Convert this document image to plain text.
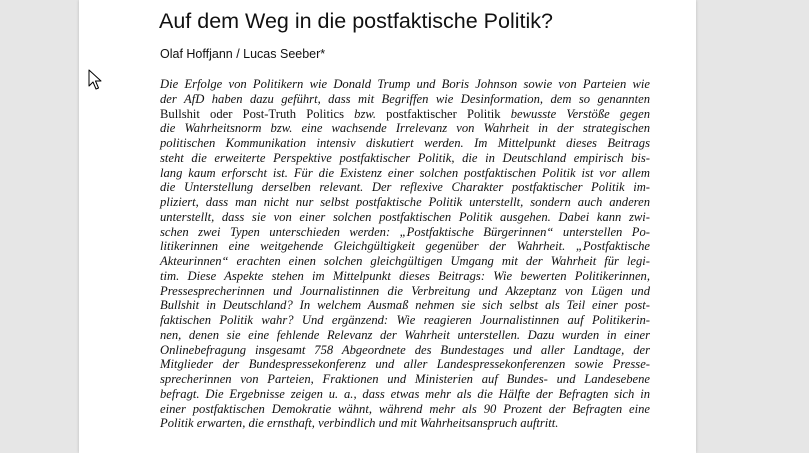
Auf dem Weg in die postfaktische Politik?

Olaf Hoffjann / Lucas Seeber*

Die Erfolge von Politikern wie Donald Trump und Boris Johnson sowie von Parteien wie
der AfD haben dazu geführt, dass mit Begriffen wie Desinformation, dem so genannten
Bullshit oder Post-Truth Politics bzw. postfaktischer Politik bewusste Verstöße gegen
die Wahrheitsnorm bzw. eine wachsende Irrelevanz von Wahrheit in der strategischen
politischen Kommunikation intensiv diskutiert werden. Im Mittelpunkt dieses Beitrags
steht die erweiterte Perspektive postfaktischer Politik, die in Deutschland empirisch bis-
lang kaum erforscht ist. Für die Existenz einer solchen postfaktischen Politik ist vor allem
die Unterstellung derselben relevant. Der reflexive Charakter postfaktischer Politik im-
pliziert, dass man nicht nur selbst postfaktische Politik unterstellt, sondern auch anderen
unterstellt, dass sie von einer solchen postfaktischen Politik ausgehen. Dabei kann zwi-
schen zwei Typen unterschieden werden: „Postfaktische Bürgerinnen“ unterstellen Po-
litikerinnen eine weitgehende Gleichgültigkeit gegenüber der Wahrheit. „Postfaktische
Akteurinnen“ erachten einen solchen gleichgültigen Umgang mit der Wahrheit für legi-
tim. Diese Aspekte stehen im Mittelpunkt dieses Beitrags: Wie bewerten Politikerinnen,
Pressesprecherinnen und Journalistinnen die Verbreitung und Akzeptanz von Lügen und
Bullshit in Deutschland? In welchem Ausmaß nehmen sie sich selbst als Teil einer post-
faktischen Politik wahr? Und ergänzend: Wie reagieren Journalistinnen auf Politikerin-
nen, denen sie eine fehlende Relevanz der Wahrheit unterstellen. Dazu wurden in einer
Onlinebefragung insgesamt 758 Abgeordnete des Bundestages und aller Landtage, der
Mitglieder der Bundespressekonferenz und aller Landespressekonferenzen sowie Presse-
sprecherinnen von Parteien, Fraktionen und Ministerien auf Bundes- und Landesebene
befragt. Die Ergebnisse zeigen u. a., dass etwas mehr als die Hälfte der Befragten sich in
einer postfaktischen Demokratie wähnt, während mehr als 90 Prozent der Befragten eine
Politik erwarten, die ernsthaft, verbindlich und mit Wahrheitsanspruch auftritt.
